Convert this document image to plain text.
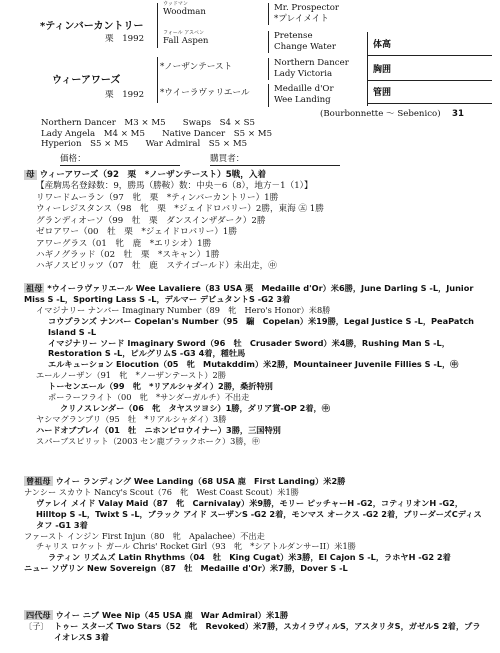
*ティンバーカントリー
栗　1992
ウィーアワーズ
栗　1992
ウッドマン
Woodman
フォール アスペン
Fall Aspen
*ノーザンテースト
*ウイーラヴァリエール
Mr. Prospector
*プレイメイト
Pretense
Change Water
Northern Dancer
Lady Victoria
Medaille d'Or
Wee Landing
体高
胸囲
管囲
(Bourbonnette ～ Sebenico) 31
Northern Dancer　M3 × M5　　Swaps　S4 × S5
Lady Angela　M4 × M5　　Native Dancer　S5 × M5
Hyperion　S5 × M5　　War Admiral　S5 × M5
価格：	購買者：
母 ウィーアワーズ（92　栗　*ノーザンテースト）5戦，入着
【産駒馬名登録数：9，勝馬（勝鞍）数：中央－6（8），地方－1（1）】
リワードムーラン（97　牝　栗　*ティンバーカントリー）1勝
ウィーレジスタンス（98　牝　栗　*ジェイドロバリー）2勝，東海 ㊄ 1勝
グランディオーソ（99　牡　栗　ダンスインザダーク）2勝
ゼロアワー（00　牡　栗　*ジェイドロバリー）1勝
アワーグラス（01　牝　鹿　*エリシオ）1勝
ハギノグラッド（02　牡　栗　*スキャン）1勝
ハギノスピリッツ（07　牡　鹿　ステイゴールド）未出走，㊥
祖母 *ウイーラヴァリエール Wee Lavaliere（83 USA 栗　Medaille d'Or）米6勝，June Darling S -L，Junior Miss S -L，Sporting Lass S -L，デルマー デビュタントS -G2 3着
イマジナリー ナンバー Imaginary Number（89　牝　Hero's Honor）米8勝
コウプランズ ナンバー Copelan's Number（95　騸　Copelan）米19勝，Legal Justice S -L，PeaPatch Island S -L
イマジナリー ソード Imaginary Sword（96　牡　Crusader Sword）米4勝，Rushing Man S -L，Restoration S -L，ピルグリムS -G3 4着，種牡馬
エルキューション Elocution（05　牝　Mutakddim）米2勝，Mountaineer Juvenile Fillies S -L，㊥
エールノーザン（91　牝　*ノーザンテースト）2勝
トーセンエール（99　牝　*リアルシャダイ）2勝，桑折特別
ポーラーフライト（00　牝　*サンダーガルチ）不出走
クリノスレンダー（06　牝　タヤスツヨシ）1勝，ダリア賞-OP 2着，㊥
ヤシマグランプリ（95　牡　*リアルシャダイ）3勝
ハードオブプレイ（01　牡　ニホンピロウイナー）3勝，三国特別
スパーブスピリット（2003 セン鹿ブラックホーク）3勝，㊥
曾祖母 ウイー ランディング Wee Landing（68 USA 鹿　First Landing）米2勝
ナンシー スカウト Nancy's Scout（76　牝　West Coast Scout）米1勝
ヴァレイ メイド Valay Maid（87　牝　Carnivalay）米9勝，モリー ピッチャーH -G2，コティリオンH -G2，Hilltop S -L，Twixt S -L，ブラック アイド スーザンS -G2 2着，モンマス オークス -G2 2着，ブリーダーズCディスタフ -G1 3着
ファースト インジン First Injun（80　牝　Apalachee）不出走
チャリス ロケット ガール Chris' Rocket Girl（93　牝　*シアトルダンサーII）米1勝
ラティン リズムズ Latin Rhythms（04　牡　King Cugat）米3勝，El Cajon S -L，ラホヤH -G2 2着
ニュー ソヴリン New Sovereign（87　牡　Medaille d'Or）米7勝，Dover S -L
四代母 ウイー ニブ Wee Nip（45 USA 鹿　War Admiral）米1勝
〔子〕 トゥー スターズ Two Stars（52　牝　Revoked）米7勝，スカイラヴィルS，アスタリタS，ガゼルS 2着，プライオレスS 3着
